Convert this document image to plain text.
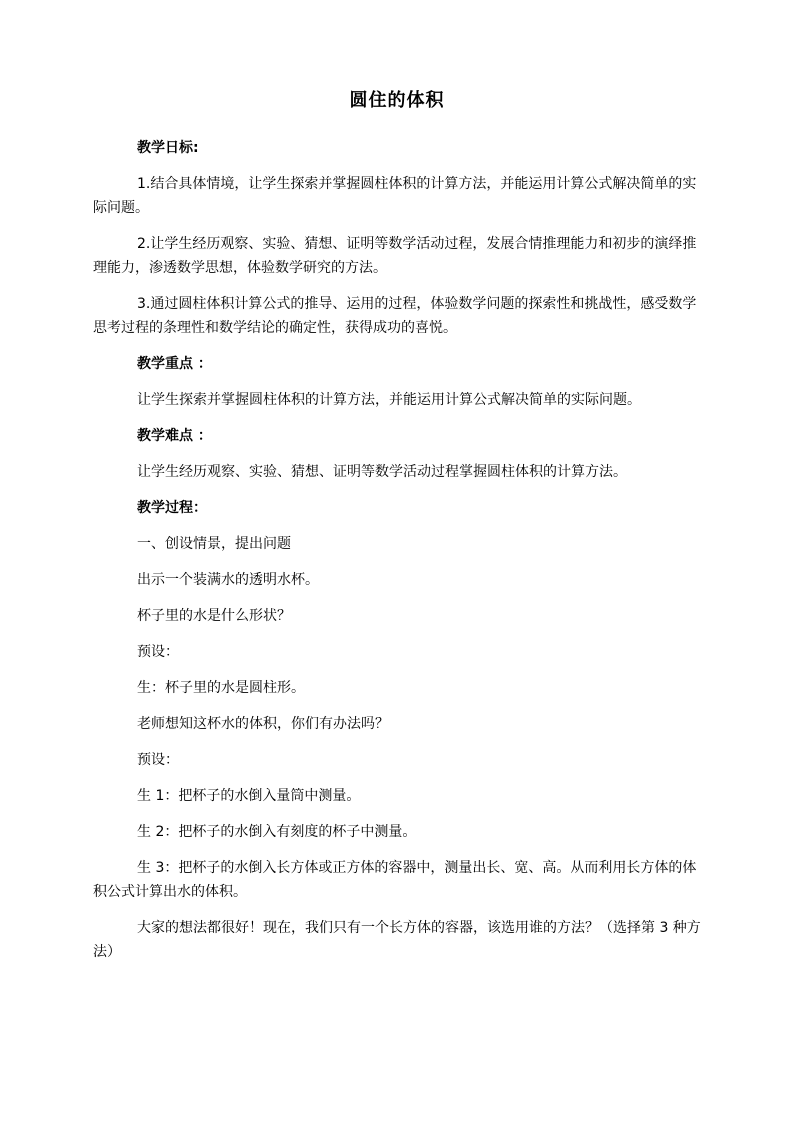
圆住的体积

教学日标:

1.结合具体情境，让学生探索并掌握圆柱体积的计算方法，并能运用计算公式解决简单的实际问题。

2.让学生经历观察、实验、猜想、证明等数学活动过程，发展合情推理能力和初步的演绎推理能力，渗透数学思想，体验数学研究的方法。

3.通过圆柱体积计算公式的推导、运用的过程，体验数学问题的探索性和挑战性，感受数学思考过程的条理性和数学结论的确定性，获得成功的喜悦。

教学重点 ：

让学生探索并掌握圆柱体积的计算方法，并能运用计算公式解决简单的实际问题。

教学难点 ：

让学生经历观察、实验、猜想、证明等数学活动过程掌握圆柱体积的计算方法。

教学过程：

一、创设情景，提出问题

出示一个装满水的透明水杯。

杯子里的水是什么形状？

预设：

生：杯子里的水是圆柱形。

老师想知这杯水的体积，你们有办法吗？

预设：

生 1：把杯子的水倒入量筒中测量。

生 2：把杯子的水倒入有刻度的杯子中测量。

生 3：把杯子的水倒入长方体或正方体的容器中，测量出长、宽、高。从而利用长方体的体积公式计算出水的体积。

大家的想法都很好！现在，我们只有一个长方体的容器，该选用谁的方法？（选择第 3 种方法）
